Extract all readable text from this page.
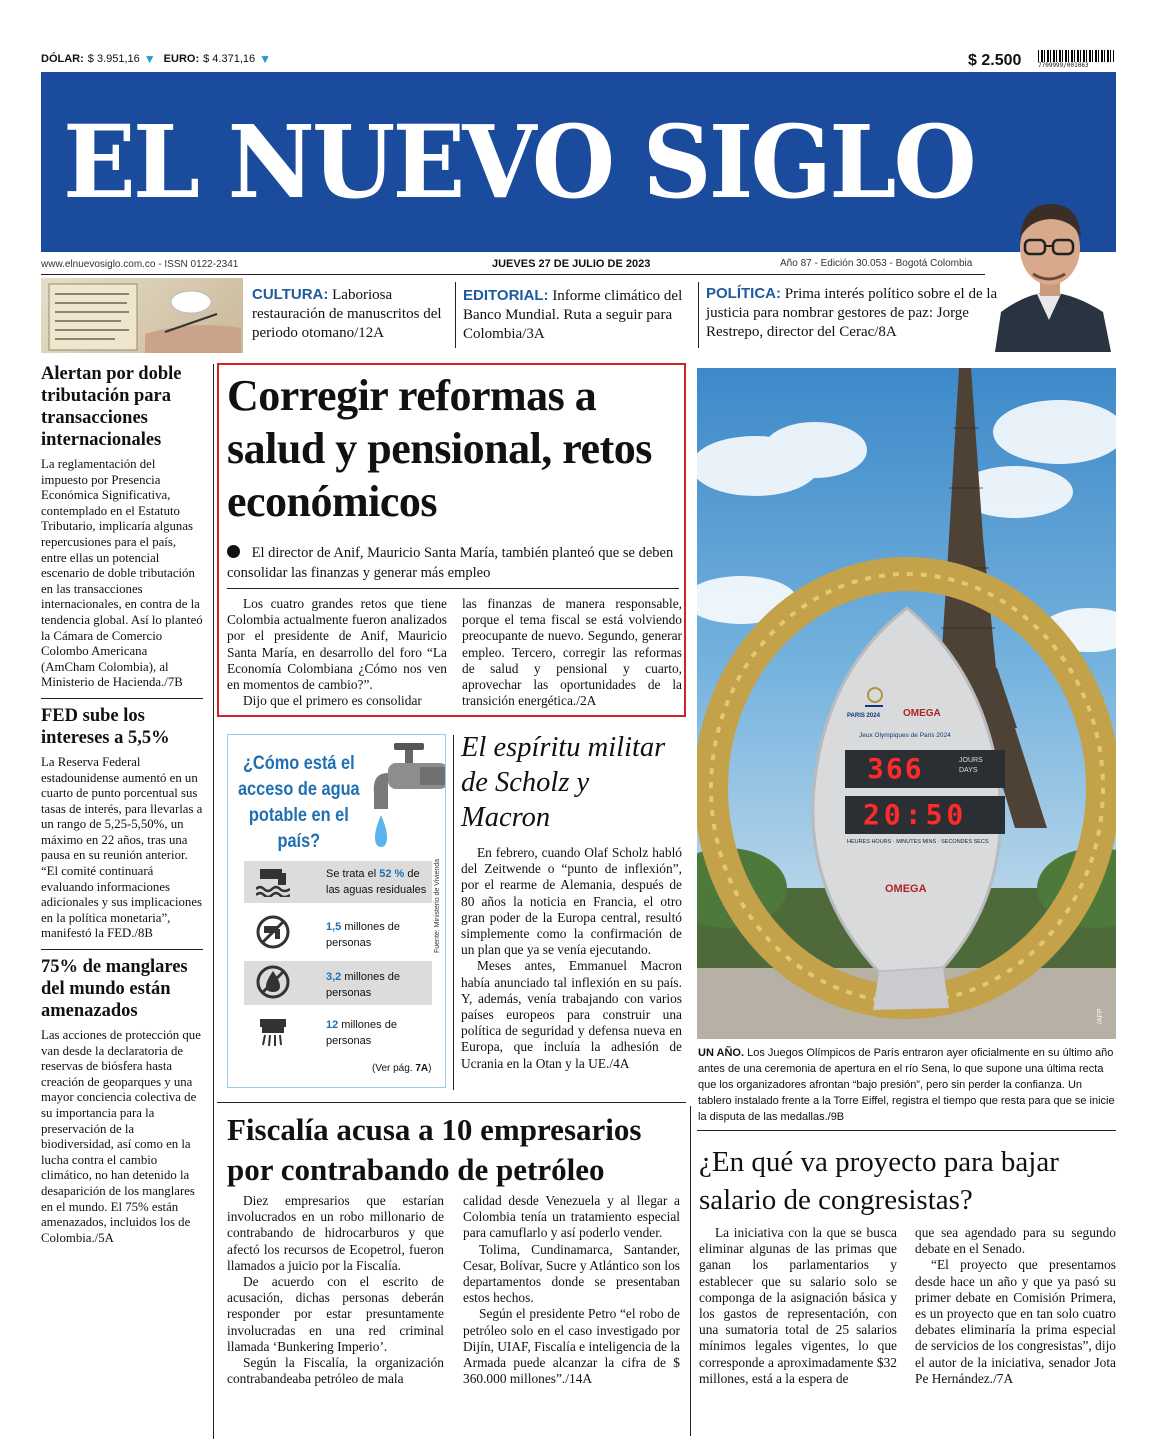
DÓLAR: $ 3.951,16 ▼ EURO: $ 4.371,16 ▼	$ 2.500	7709999/001063
EL NUEVO SIGLO
www.elnuevosiglo.com.co - ISSN 0122-2341	JUEVES 27 DE JULIO DE 2023	Año 87 - Edición 30.053 - Bogotá Colombia
CULTURA: Laboriosa restauración de manuscritos del periodo otomano/12A
EDITORIAL: Informe climático del Banco Mundial. Ruta a seguir para Colombia/3A
POLÍTICA: Prima interés político sobre el de la justicia para nombrar gestores de paz: Jorge Restrepo, director del Cerac/8A
Alertan por doble tributación para transacciones internacionales
La reglamentación del impuesto por Presencia Económica Significativa, contemplado en el Estatuto Tributario, implicaría algunas repercusiones para el país, entre ellas un potencial escenario de doble tributación en las transacciones internacionales, en contra de la tendencia global. Así lo planteó la Cámara de Comercio Colombo Americana (AmCham Colombia), al Ministerio de Hacienda./7B
FED sube los intereses a 5,5%
La Reserva Federal estadounidense aumentó en un cuarto de punto porcentual sus tasas de interés, para llevarlas a un rango de 5,25-5,50%, un máximo en 22 años, tras una pausa en su reunión anterior. “El comité continuará evaluando informaciones adicionales y sus implicaciones en la política monetaria”, manifestó la FED./8B
75% de manglares del mundo están amenazados
Las acciones de protección que van desde la declaratoria de reservas de biósfera hasta creación de geoparques y una mayor conciencia colectiva de su importancia para la preservación de la biodiversidad, así como en la lucha contra el cambio climático, no han detenido la desaparición de los manglares en el mundo. El 75% están amenazados, incluidos los de Colombia./5A
Corregir reformas a salud y pensional, retos económicos
El director de Anif, Mauricio Santa María, también planteó que se deben consolidar las finanzas y generar más empleo

Los cuatro grandes retos que tiene Colombia actualmente fueron analizados por el presidente de Anif, Mauricio Santa María, en desarrollo del foro “La Economía Colombiana ¿Cómo nos ven en momentos de cambio?”.

Dijo que el primero es consolidar

las finanzas de manera responsable, porque el tema fiscal se está volviendo preocupante de nuevo. Segundo, generar empleo. Tercero, corregir las reformas de salud y pensional y cuarto, aprovechar las oportunidades de la transición energética./2A

¿Cómo está el acceso de agua potable en el país?
Se trata el 52 % de las aguas residuales
1,5 millones de personas
3,2 millones de personas
12 millones de personas
Fuente: Ministerio de Vivienda
(Ver pág. 7A)
El espíritu militar de Scholz y Macron

En febrero, cuando Olaf Scholz habló del Zeitwende o “punto de inflexión”, por el rearme de Alemania, después de 80 años la noticia en Francia, el otro gran poder de la Europa central, resultó simplemente como la confirmación de un plan que ya se venía ejecutando.

Meses antes, Emmanuel Macron había anunciado tal inflexión en su país. Y, además, venía trabajando con varios países europeos para construir una política de seguridad y defensa nueva en Europa, que incluía la adhesión de Ucrania en la Otan y la UE./4A

PARIS 2024 OMEGA
Jeux Olympiques de Paris 2024
366	JOURS DAYS
20:50
HEURES HOURS · MINUTES MINS · SECONDES SECS
OMEGA
/AFP
UN AÑO. Los Juegos Olímpicos de París entraron ayer oficialmente en su último año antes de una ceremonia de apertura en el río Sena, lo que supone una última recta que los organizadores afrontan “bajo presión”, pero sin perder la confianza. Un tablero instalado frente a la Torre Eiffel, registra el tiempo que resta para que se inicie la disputa de las medallas./9B
Fiscalía acusa a 10 empresarios por contrabando de petróleo

Diez empresarios que estarían involucrados en un robo millonario de contrabando de hidrocarburos y que afectó los recursos de Ecopetrol, fueron llamados a juicio por la Fiscalía.

De acuerdo con el escrito de acusación, dichas personas deberán responder por estar presuntamente involucradas en una red criminal llamada ‘Bunkering Imperio’.

Según la Fiscalía, la organización contrabandeaba petróleo de mala

calidad desde Venezuela y al llegar a Colombia tenía un tratamiento especial para camuflarlo y así poderlo vender.

Tolima, Cundinamarca, Santander, Cesar, Bolívar, Sucre y Atlántico son los departamentos donde se presentaban estos hechos.

Según el presidente Petro “el robo de petróleo solo en el caso investigado por Dijín, UIAF, Fiscalía e inteligencia de la Armada puede alcanzar la cifra de $ 360.000 millones”./14A

¿En qué va proyecto para bajar salario de congresistas?

La iniciativa con la que se busca eliminar algunas de las primas que ganan los parlamentarios y establecer que su salario solo se componga de la asignación básica y los gastos de representación, con una sumatoria total de 25 salarios mínimos legales vigentes, lo que corresponde a aproximadamente $32 millones, está a la espera de

que sea agendado para su segundo debate en el Senado.

“El proyecto que presentamos desde hace un año y que ya pasó su primer debate en Comisión Primera, es un proyecto que en tan solo cuatro debates eliminaría la prima especial de servicios de los congresistas”, dijo el autor de la iniciativa, senador Jota Pe Hernández./7A
